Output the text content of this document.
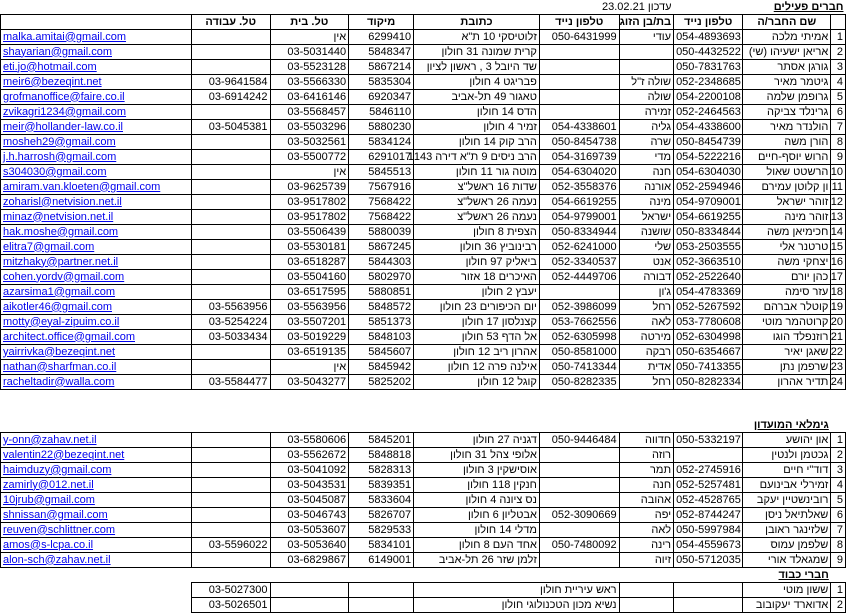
חברים פעילים			עדכון 23.02.21						
	שם החבר/ה	טלפון נייד	בת/בן הזוג	טלפון נייד	כתובת	מיקוד	טל. בית	טל. עבודה	
1	אמיתי מלכה	054-4893693	עודי	050-6431999	זלוטיסקי 10 ת"א	6299410	אין		malka.amitai@gmail.com
2	אריאן ישעיהו (שי)	050-4432522			קרית שמונה 31 חולון	5848347	03-5031440		shayarian@gmail.com
3	גורגן אסתר	050-7831763			שד היובל 3 , ראשון לציון	5867214	03-5523128		eti.jo@hotmail.com
4	גיטמר מאיר	052-2348685	שולה ז"ל		פבריגט 4 חולון	5835304	03-5566330	03-9641584	meir6@bezeqint.net
5	גרופמן שלמה	054-2200108	שולה		טאגור 49 תל-אביב	6920347	03-6416146	03-6914242	grofmanoffice@faire.co.il
6	גרינלד צביקה	052-2464563	זמירה		הדס 14 חולון	5846110	03-5568457		zvikagri1234@gmail.com
7	הולנדר מאיר	054-4338600	גליה	054-4338601	זמיר 4 חולון	5880230	03-5503296	03-5045381	meir@hollander-law.co.il
8	הורן משה	050-8454739	שרה	050-8454738	הרב קוק 14 חולון	5834124	03-5032561		mosheh29@gmail.com
9	הרוש יוסף-חיים	054-5222216	מדי	054-3169739	הרב ניסים 9 ת"א דירה 1143	6291017	03-5500772		j.h.harrosh@gmail.com
10	הרשטט שאול	054-6304030	חנה	054-6304020	מוטה גור 11 חולון	5845513	אין		s304030@gmail.com
11	ון קלוטן עמירם	052-2594946	אורנה	052-3558376	שדות 16 ראשל"צ	7567916	03-9625739		amiram.van.kloeten@gmail.com
12	זוהר ישראל	054-9709001	מינה	054-6619255	נעמה 26 ראשל"צ	7568422	03-9517802		zoharisl@netvision.net.il
13	זוהר מינה	054-6619255	ישראל	054-9799001	נעמה 26 ראשל"צ	7568422	03-9517802		minaz@netvision.net.il
14	חכימיאן משה	050-8334844	שושנה	050-8334944	הצפית 8 חולון	5880039	03-5506439		hak.moshe@gmail.com
15	טרטנר אלי	053-2503555	שלי	052-6241000	רבינוביץ 36 חולון	5867245	03-5530181		elitra7@gmail.com
16	יצחקי משה	052-3663510	אנט	052-3340537	ביאליק 97 חולון	5844303	03-6518287		mitzhaky@partner.net.il
17	כהן יורם	052-2522640	דבורה	052-4449706	האיכרים 18 אזור	5802970	03-5504160		cohen.yordv@gmail.com
18	עזר סימה	054-4783369	ג'ון		יעבץ 2 חולון	5880851	03-6517595		azarsima1@gmail.com
19	קוטלר אברהם	052-5267592	רחל	052-3986099	יום הכיפורים 23 חולון	5848572	03-5563956	03-5563956	aikotler46@gmail.com
20	קרוטהמר מוטי	053-7780608	לאה	053-7662556	קצנלסון 17 חולון	5851373	03-5507201	03-5254224	motty@eyal-zipuim.co.il
21	רוזנפלד הוגו	052-6304998	מירטה	052-6305998	אל הדף 53 חולון	5848103	03-5019229	03-5033434	architect.office@gmail.com
22	שאגן יאיר	050-6354667	רבקה	050-8581000	אהרון ריב 12 חולון	5845607	03-6519135		yairrivka@bezeqint.net
23	שרפמן נתן	050-7413355	אדית	050-7413344	אילנה פרה 12 חולון	5845942	אין		nathan@sharfman.co.il
24	תדיר אהרון	050-8282334	רחל	050-8282335	קוגל 12 חולון	5825202	03-5043277	03-5584477	racheltadir@walla.com

	גימלאי המועדון								
1	און יהושע	050-5332197	חדווה	050-9446484	דגניה 27 חולון	5845201	03-5580606		y-onn@zahav.net.il
2	גכטמן ולנטין		רוזה		אלופי צהל 31 חולון	5848818	03-5562672		valentin22@bezeqint.net
3	דוד"י חיים	052-2745916	תמר		אוסישקין 3 חולון	5828313	03-5041092		haimduzy@gmail.com
4	זמירלי אבינועם	052-5257481	חנה		חנקין 118 חולון	5839351	03-5043531		zamirly@012.net.il
5	רובינשטיין יעקב	052-4528765	אהובה		נס ציונה 4 חולון	5833604	03-5045087		10jrub@gmail.com
6	שאלתיאל ניסן	052-8744247	יפה	052-3090669	אבטליון 6 חולון	5826707	03-5046743		shnissan@gmail.com
7	שלזינגר ראובן	050-5997984	לאה		מדלי 14 חולון	5829533	03-5053607		reuven@schlittner.com
8	שלפמן עמוס	054-4559673	רינה	050-7480092	אחד העם 8 חולון	5834101	03-5053640	03-5596022	amos@s-lcpa.co.il
9	שמגאלד אורי	050-5712035	זיוה		זלמן שזר 26 תל-אביב	6149001	03-6829867		alon-sch@zahav.net.il
	חברי כבוד								
1	ששון מוטי			ראש עיריית חולון				03-5027300	
2	אדוארד יעקובוב			נשיא מכון הטכנולוגי חולון				03-5026501	
